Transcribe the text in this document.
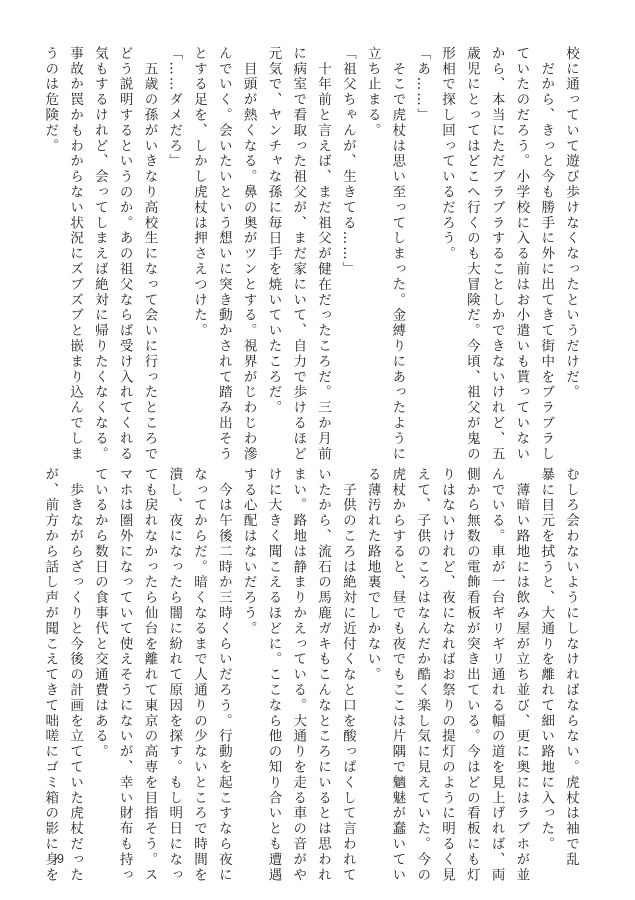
校に通っていて遊び歩けなくなったというだけだ。
　だから、きっと今も勝手に外に出てきて街中をブラブラし
ていたのだろう。小学校に入る前はお小遣いも貰っていない
から、本当にただブラブラすることしかできないけれど、五
歳児にとってはどこへ行くのも大冒険だ。今頃、祖父が鬼の
形相で探し回っているだろう。
「あ……」
　そこで虎杖は思い至ってしまった。金縛りにあったように
立ち止まる。
「祖父ちゃんが、生きてる……」
　十年前と言えば、まだ祖父が健在だったころだ。三か月前
に病室で看取った祖父が、まだ家にいて、自力で歩けるほど
元気で、ヤンチャな孫に毎日手を焼いていたころだ。
　目頭が熱くなる。鼻の奥がツンとする。視界がじわじわ滲
んでいく。会いたいという想いに突き動かされて踏み出そう
とする足を、しかし虎杖は押さえつけた。
「……ダメだろ」
　五歳の孫がいきなり高校生になって会いに行ったところで
どう説明するというのか。あの祖父ならば受け入れてくれる
気もするけれど、会ってしまえば絶対に帰りたくなくなる。
事故か罠かもわからない状況にズブズブと嵌まり込んでしま
うのは危険だ。
むしろ会わないようにしなければならない。虎杖は袖で乱
暴に目元を拭うと、大通りを離れて細い路地に入った。
　薄暗い路地には飲み屋が立ち並び、更に奥にはラブホが並
んでいる。車が一台ギリギリ通れる幅の道を見上げれば、両
側から無数の電飾看板が突き出ている。今はどの看板にも灯
りはないけれど、夜になればお祭りの提灯のように明るく見
えて、子供のころはなんだか酷く楽し気に見えていた。今の
虎杖からすると、昼でも夜でもここは片隅で魑魅が蠢いてい
る薄汚れた路地裏でしかない。
　子供のころは絶対に近付くなと口を酸っぱくして言われて
いたから、流石の馬鹿ガキもこんなところにいるとは思われ
まい。路地は静まりかえっている。大通りを走る車の音がや
けに大きく聞こえるほどに。ここなら他の知り合いとも遭遇
する心配はないだろう。
　今は午後二時か三時くらいだろう。行動を起こすなら夜に
なってからだ。暗くなるまで人通りの少ないところで時間を
潰し、夜になったら闇に紛れて原因を探す。もし明日になっ
ても戻れなかったら仙台を離れて東京の高専を目指そう。ス
マホは圏外になっていて使えそうにないが、幸い財布も持っ
ているから数日の食事代と交通費はある。
　歩きながらざっくりと今後の計画を立てていた虎杖だった
が、前方から話し声が聞こえてきて咄嗟にゴミ箱の影に身を
9
